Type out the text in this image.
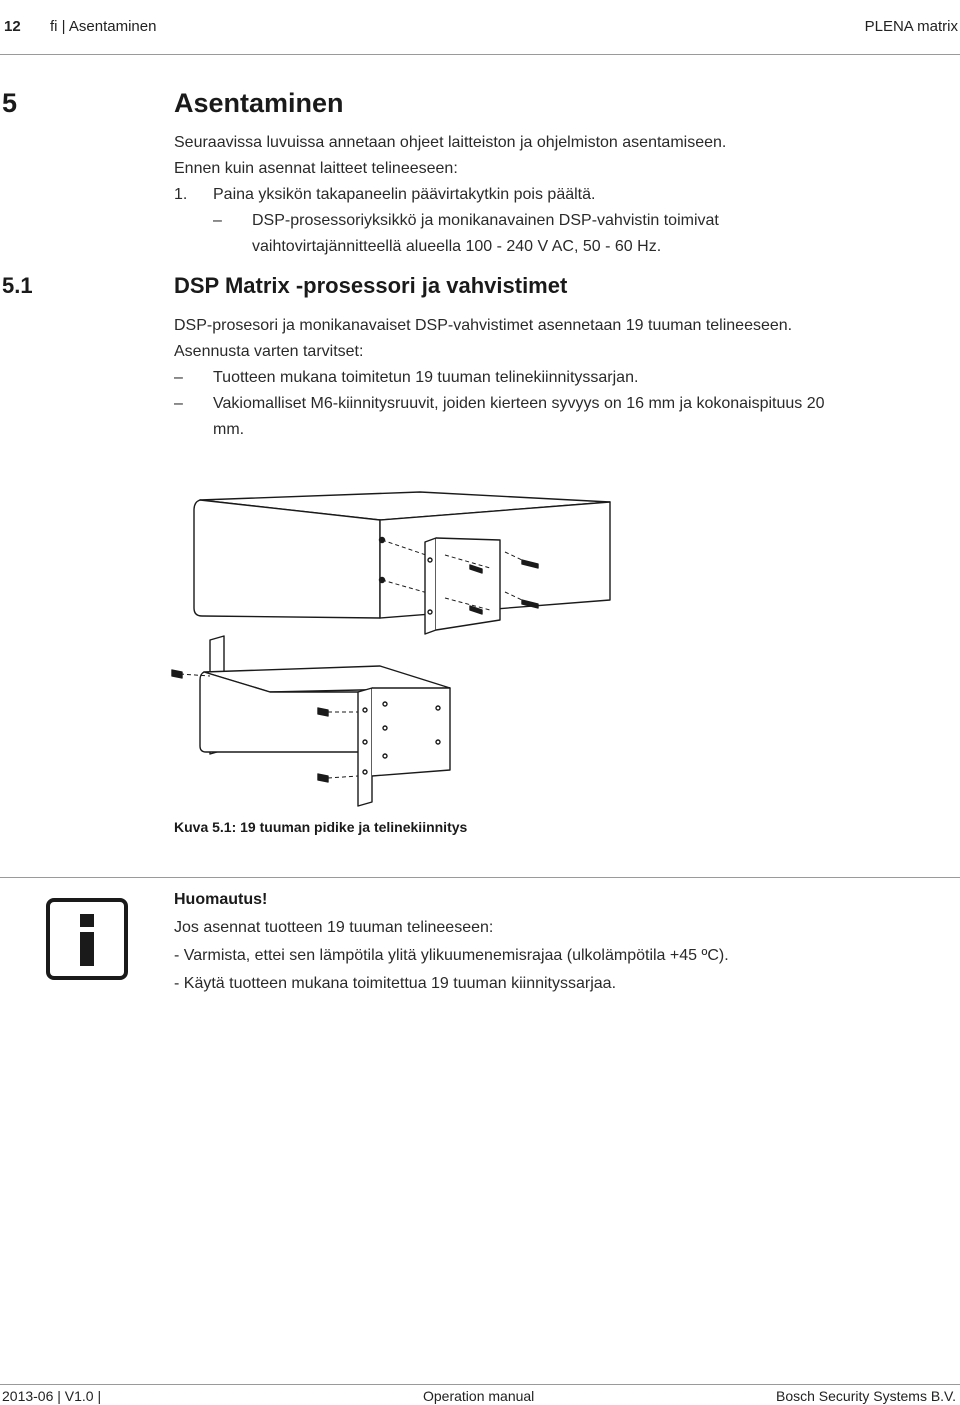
12 fi | Asentaminen	PLENA matrix
5	Asentaminen
Seuraavissa luvuissa annetaan ohjeet laitteiston ja ohjelmiston asentamiseen.
Ennen kuin asennat laitteet telineeseen:
1. Paina yksikön takapaneelin päävirtakytkin pois päältä.
– DSP-prosessoriyksikkö ja monikanavainen DSP-vahvistin toimivat
vaihtovirtajännitteellä alueella 100 - 240 V AC, 50 - 60 Hz.
5.1	DSP Matrix -prosessori ja vahvistimet
DSP-prosesori ja monikanavaiset DSP-vahvistimet asennetaan 19 tuuman telineeseen.
Asennusta varten tarvitset:
– Tuotteen mukana toimitetun 19 tuuman telinekiinnityssarjan.
– Vakiomalliset M6-kiinnitysruuvit, joiden kierteen syvyys on 16 mm ja kokonaispituus 20
mm.
Kuva 5.1: 19 tuuman pidike ja telinekiinnitys
Huomautus!
Jos asennat tuotteen 19 tuuman telineeseen:
- Varmista, ettei sen lämpötila ylitä ylikuumenemisrajaa (ulkolämpötila +45 ºC).
- Käytä tuotteen mukana toimitettua 19 tuuman kiinnityssarjaa.
2013-06 | V1.0 |	Operation manual	Bosch Security Systems B.V.
